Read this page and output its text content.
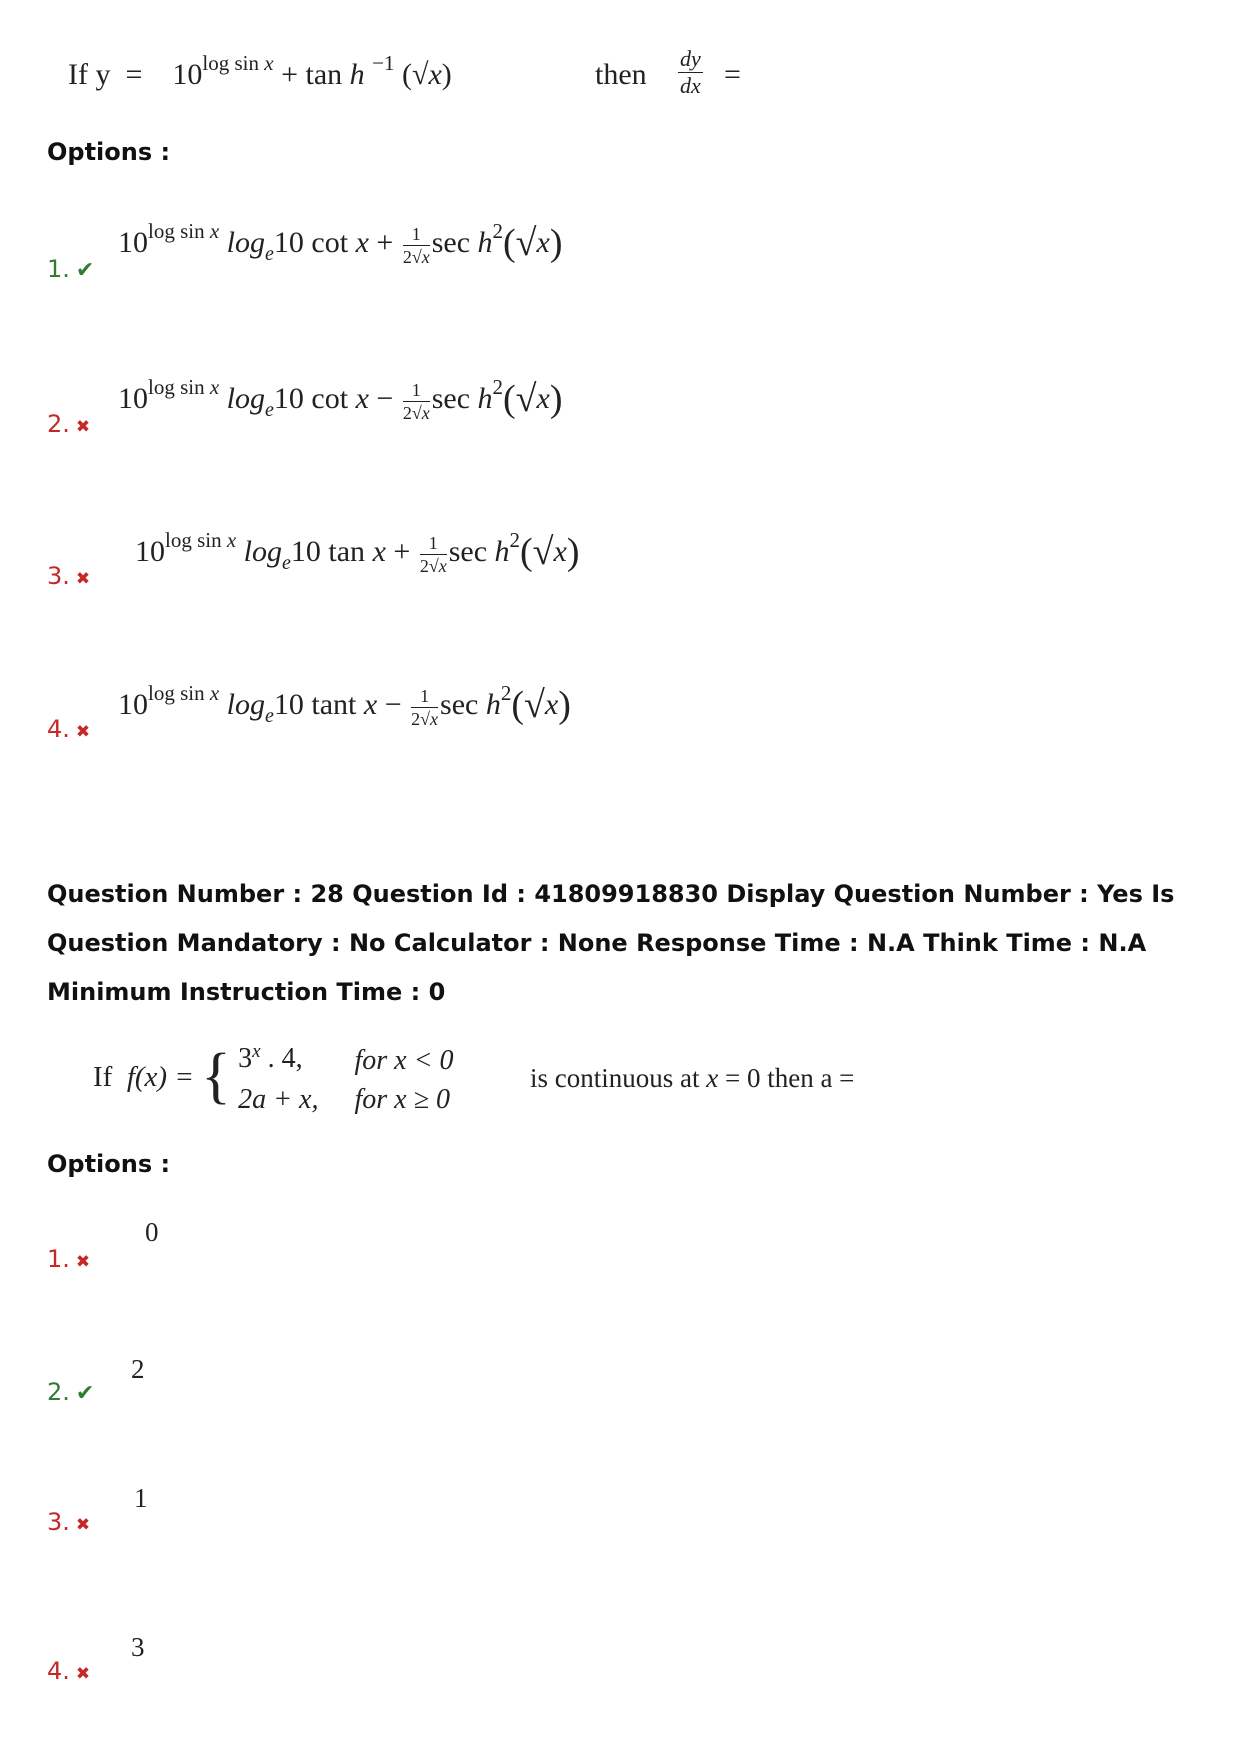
If $y = 10^{log sin x} + \tan h$ $^{-1}$ (√x)	then $\frac{dy}{dx}$ =
Options :
1. ✔
$10^{log sin x}$ $\log_e10$ $\cot x + \frac{1}{2√x}$ $\sec h^2(√x)$
2. ✖
$10^{log sin x}$ $\log_e10$ $\cot x - \frac{1}{2√x}$ $\sec h^2(√x)$
3. ✖
$10^{log sin x}$ $\log_e10$ $\tan x + \frac{1}{2√x}$ $\sec h^2(√x)$
4. ✖
$10^{log sin x}$ $\log_e10$ tant $x - \frac{1}{2√x}$ $\sec h^2(√x)$
Question Number : 28 Question Id : 41809918830 Display Question Number : Yes Is Question Mandatory : No Calculator : None Response Time : N.A Think Time : N.A Minimum Instruction Time : 0
If f(x) = { 3$^x$ . 4,	for x < 0
2a + x,	for x ≥ 0
is continuous at x = 0 then a =
Options :
1. ✖
0
2. ✔
2
3. ✖
1
4. ✖
3
